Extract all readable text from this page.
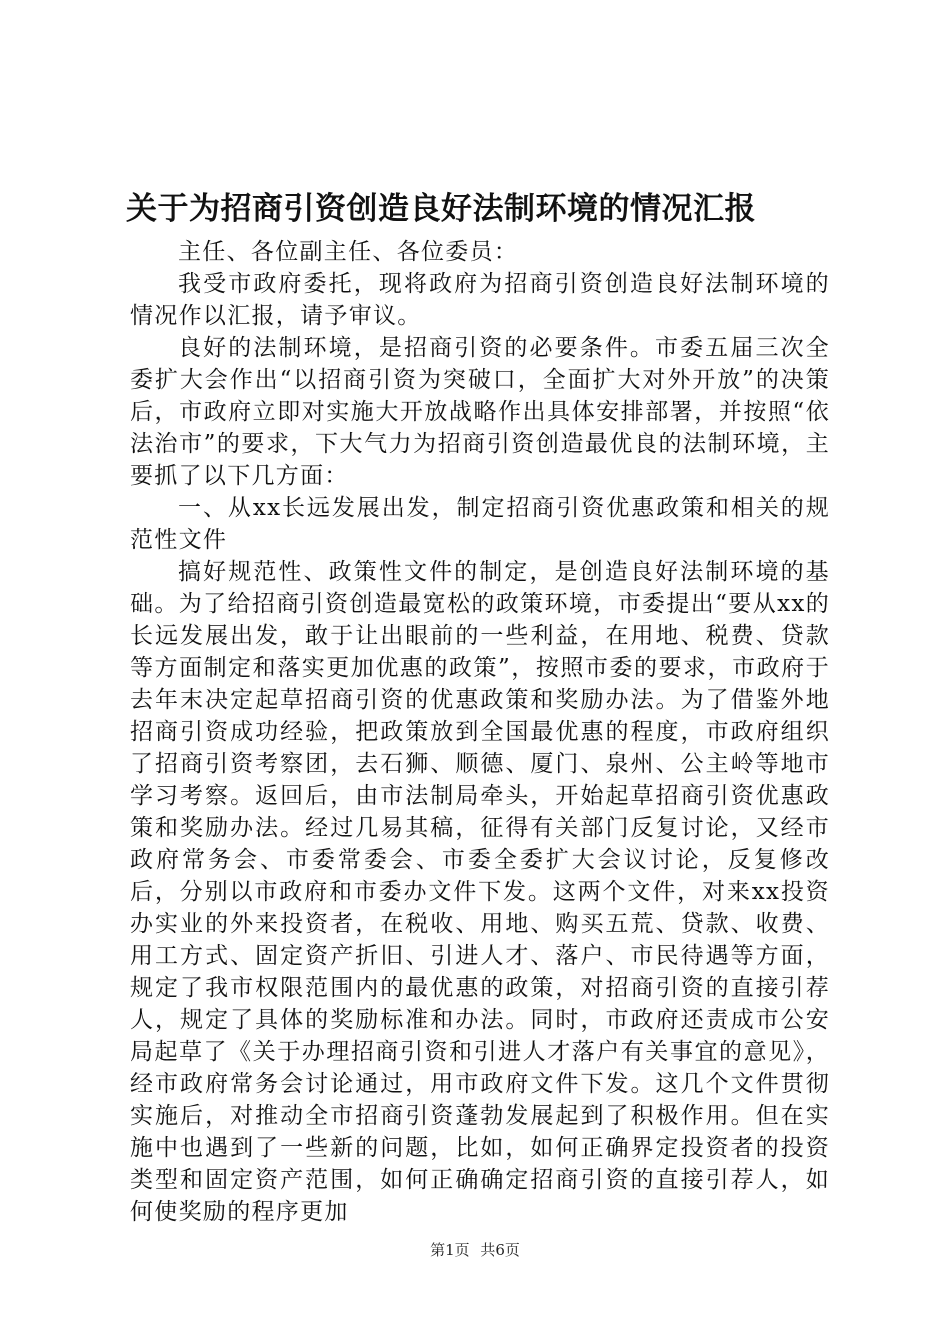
关于为招商引资创造良好法制环境的情况汇报

主任、各位副主任、各位委员：

我受市政府委托，现将政府为招商引资创造良好法制环境的情况作以汇报，请予审议。

良好的法制环境，是招商引资的必要条件。市委五届三次全委扩大会作出“以招商引资为突破口，全面扩大对外开放”的决策后，市政府立即对实施大开放战略作出具体安排部署，并按照“依法治市”的要求，下大气力为招商引资创造最优良的法制环境，主要抓了以下几方面：

一、从xx长远发展出发，制定招商引资优惠政策和相关的规范性文件

搞好规范性、政策性文件的制定，是创造良好法制环境的基础。为了给招商引资创造最宽松的政策环境，市委提出“要从xx的长远发展出发，敢于让出眼前的一些利益，在用地、税费、贷款等方面制定和落实更加优惠的政策”，按照市委的要求，市政府于去年末决定起草招商引资的优惠政策和奖励办法。为了借鉴外地招商引资成功经验，把政策放到全国最优惠的程度，市政府组织了招商引资考察团，去石狮、顺德、厦门、泉州、公主岭等地市学习考察。返回后，由市法制局牵头，开始起草招商引资优惠政策和奖励办法。经过几易其稿，征得有关部门反复讨论，又经市政府常务会、市委常委会、市委全委扩大会议讨论，反复修改后，分别以市政府和市委办文件下发。这两个文件，对来xx投资办实业的外来投资者，在税收、用地、购买五荒、贷款、收费、用工方式、固定资产折旧、引进人才、落户、市民待遇等方面，规定了我市权限范围内的最优惠的政策，对招商引资的直接引荐人，规定了具体的奖励标准和办法。同时，市政府还责成市公安局起草了《关于办理招商引资和引进人才落户有关事宜的意见》，经市政府常务会讨论通过，用市政府文件下发。这几个文件贯彻实施后，对推动全市招商引资蓬勃发展起到了积极作用。但在实施中也遇到了一些新的问题，比如，如何正确界定投资者的投资类型和固定资产范围，如何正确确定招商引资的直接引荐人，如何使奖励的程序更加

第1页 共6页
